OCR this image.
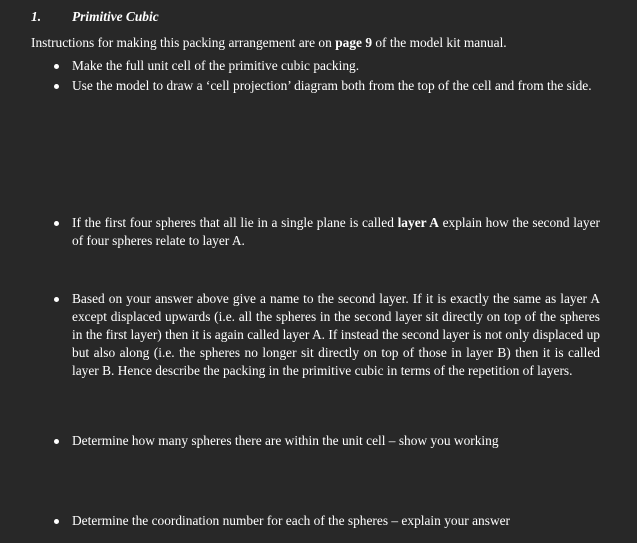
1. Primitive Cubic
Instructions for making this packing arrangement are on page 9 of the model kit manual.
Make the full unit cell of the primitive cubic packing.
Use the model to draw a ‘cell projection’ diagram both from the top of the cell and from the side.
If the first four spheres that all lie in a single plane is called layer A explain how the second layer of four spheres relate to layer A.
Based on your answer above give a name to the second layer. If it is exactly the same as layer A except displaced upwards (i.e. all the spheres in the second layer sit directly on top of the spheres in the first layer) then it is again called layer A. If instead the second layer is not only displaced up but also along (i.e. the spheres no longer sit directly on top of those in layer B) then it is called layer B. Hence describe the packing in the primitive cubic in terms of the repetition of layers.
Determine how many spheres there are within the unit cell – show you working
Determine the coordination number for each of the spheres – explain your answer
